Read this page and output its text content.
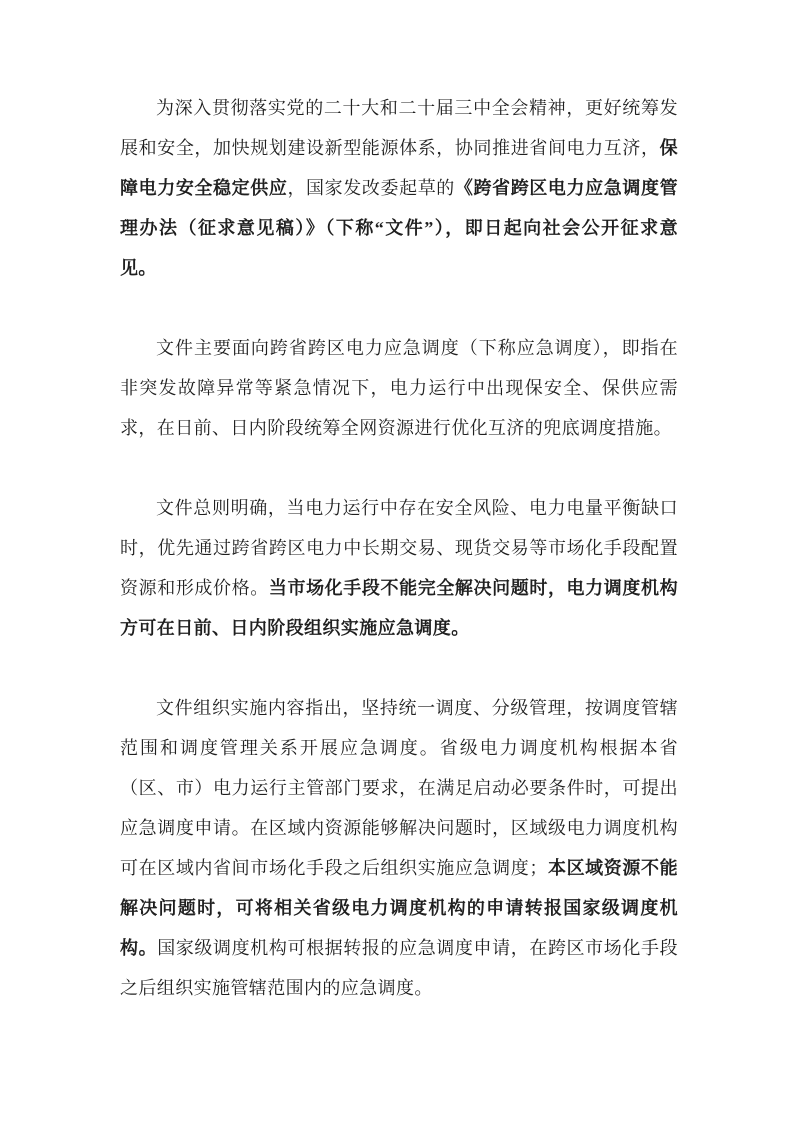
为深入贯彻落实党的二十大和二十届三中全会精神，更好统筹发展和安全，加快规划建设新型能源体系，协同推进省间电力互济，保障电力安全稳定供应，国家发改委起草的《跨省跨区电力应急调度管理办法（征求意见稿）》（下称“文件”），即日起向社会公开征求意见。

文件主要面向跨省跨区电力应急调度（下称应急调度），即指在非突发故障异常等紧急情况下，电力运行中出现保安全、保供应需求，在日前、日内阶段统筹全网资源进行优化互济的兜底调度措施。

文件总则明确，当电力运行中存在安全风险、电力电量平衡缺口时，优先通过跨省跨区电力中长期交易、现货交易等市场化手段配置资源和形成价格。当市场化手段不能完全解决问题时，电力调度机构方可在日前、日内阶段组织实施应急调度。

文件组织实施内容指出，坚持统一调度、分级管理，按调度管辖范围和调度管理关系开展应急调度。省级电力调度机构根据本省（区、市）电力运行主管部门要求，在满足启动必要条件时，可提出应急调度申请。在区域内资源能够解决问题时，区域级电力调度机构可在区域内省间市场化手段之后组织实施应急调度；本区域资源不能解决问题时，可将相关省级电力调度机构的申请转报国家级调度机构。国家级调度机构可根据转报的应急调度申请，在跨区市场化手段之后组织实施管辖范围内的应急调度。
